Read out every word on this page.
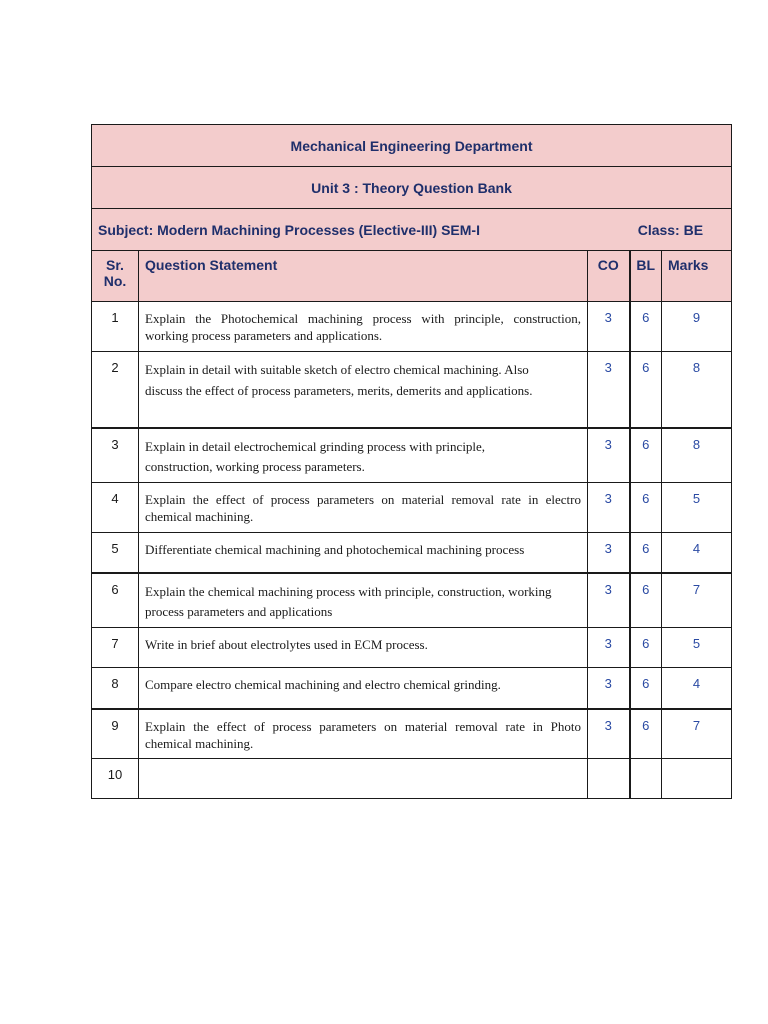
Mechanical Engineering Department				
Unit 3 : Theory Question Bank				

Subject: Modern Machining Processes (Elective-III) SEM-I Class: BE				

Sr.
No.	Question Statement	CO	BL	Marks
1	Explain the Photochemical machining process with principle, construction, working process parameters and applications.	3	6	9
2	Explain in detail with suitable sketch of electro chemical machining. Also discuss the effect of process parameters, merits, demerits and applications.	3	6	8
3	Explain in detail electrochemical grinding process with principle, construction, working process parameters.	3	6	8
4	Explain the effect of process parameters on material removal rate in electro chemical machining.	3	6	5
5	Differentiate chemical machining and photochemical machining process	3	6	4
6	Explain the chemical machining process with principle, construction, working process parameters and applications	3	6	7
7	Write in brief about electrolytes used in ECM process.	3	6	5
8	Compare electro chemical machining and electro chemical grinding.	3	6	4
9	Explain the effect of process parameters on material removal rate in Photo chemical machining.	3	6	7
10				
